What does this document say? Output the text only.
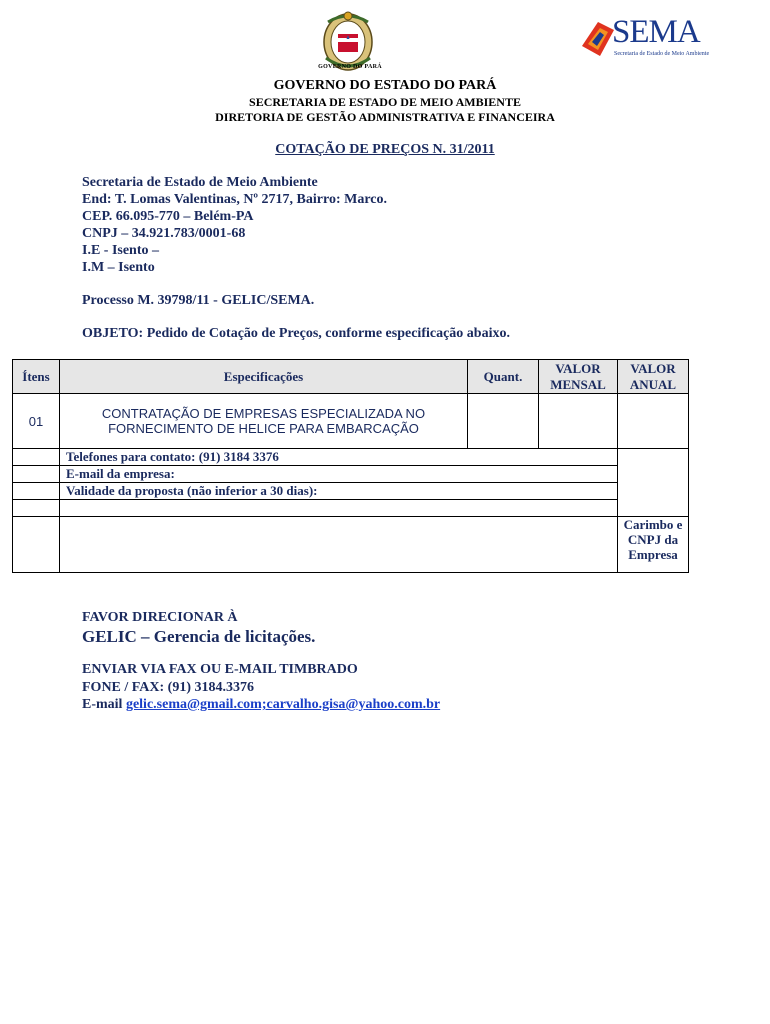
GOVERNO DO PARÁ
SEMA
Secretaria de Estado de Meio Ambiente
GOVERNO DO ESTADO DO PARÁ
SECRETARIA DE ESTADO DE MEIO AMBIENTE
DIRETORIA DE GESTÃO ADMINISTRATIVA E FINANCEIRA
COTAÇÃO DE PREÇOS N. 31/2011
Secretaria de Estado de Meio Ambiente
End: T. Lomas Valentinas, Nº 2717, Bairro: Marco.
CEP. 66.095-770 – Belém-PA
CNPJ – 34.921.783/0001-68
I.E - Isento –
I.M – Isento
Processo M. 39798/11 - GELIC/SEMA.
OBJETO: Pedido de Cotação de Preços, conforme especificação abaixo.
Ítens	Especificações	Quant.	VALOR MENSAL	VALOR ANUAL
01	CONTRATAÇÃO DE EMPRESAS ESPECIALIZADA NO FORNECIMENTO DE HELICE PARA EMBARCAÇÃO			
	Telefones para contato: (91) 3184 3376			
	E-mail da empresa:			
	Validade da proposta (não inferior a 30 dias):			

				Carimbo e CNPJ da Empresa
FAVOR DIRECIONAR À
GELIC – Gerencia de licitações.
ENVIAR VIA FAX OU E-MAIL TIMBRADO
FONE / FAX: (91) 3184.3376
E-mail gelic.sema@gmail.com;carvalho.gisa@yahoo.com.br
